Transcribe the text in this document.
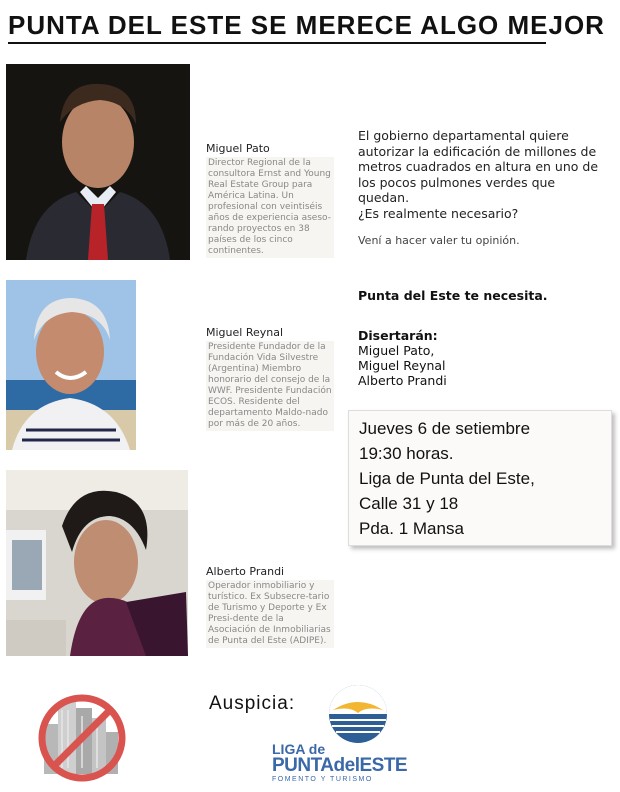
PUNTA DEL ESTE SE MERECE ALGO MEJOR
Miguel Pato
Director Regional de la consultora Ernst and Young Real Estate Group para América Latina. Un profesional con veintiséis años de experiencia aseso-rando proyectos en 38 países de los cinco continentes.
Miguel Reynal
Presidente Fundador de la Fundación Vida Silvestre (Argentina) Miembro honorario del consejo de la WWF. Presidente Fundación ECOS. Residente del departamento Maldo-nado por más de 20 años.
Alberto Prandi
Operador inmobiliario y turístico. Ex Subsecre-tario de Turismo y Deporte y Ex Presi-dente de la Asociación de Inmobiliarias de Punta del Este (ADIPE).

El gobierno departamental quiere autorizar la edificación de millones de metros cuadrados en altura en uno de los pocos pulmones verdes que quedan.

¿Es realmente necesario?

Vení a hacer valer tu opinión.

Punta del Este te necesita.
Disertarán:
Miguel Pato,
Miguel Reynal
Alberto Prandi
Jueves 6 de setiembre
19:30 horas.
Liga de Punta del Este,
Calle 31 y 18
Pda. 1 Mansa
Auspicia:
LIGA de
PUNTAdelESTE
FOMENTO Y TURISMO
